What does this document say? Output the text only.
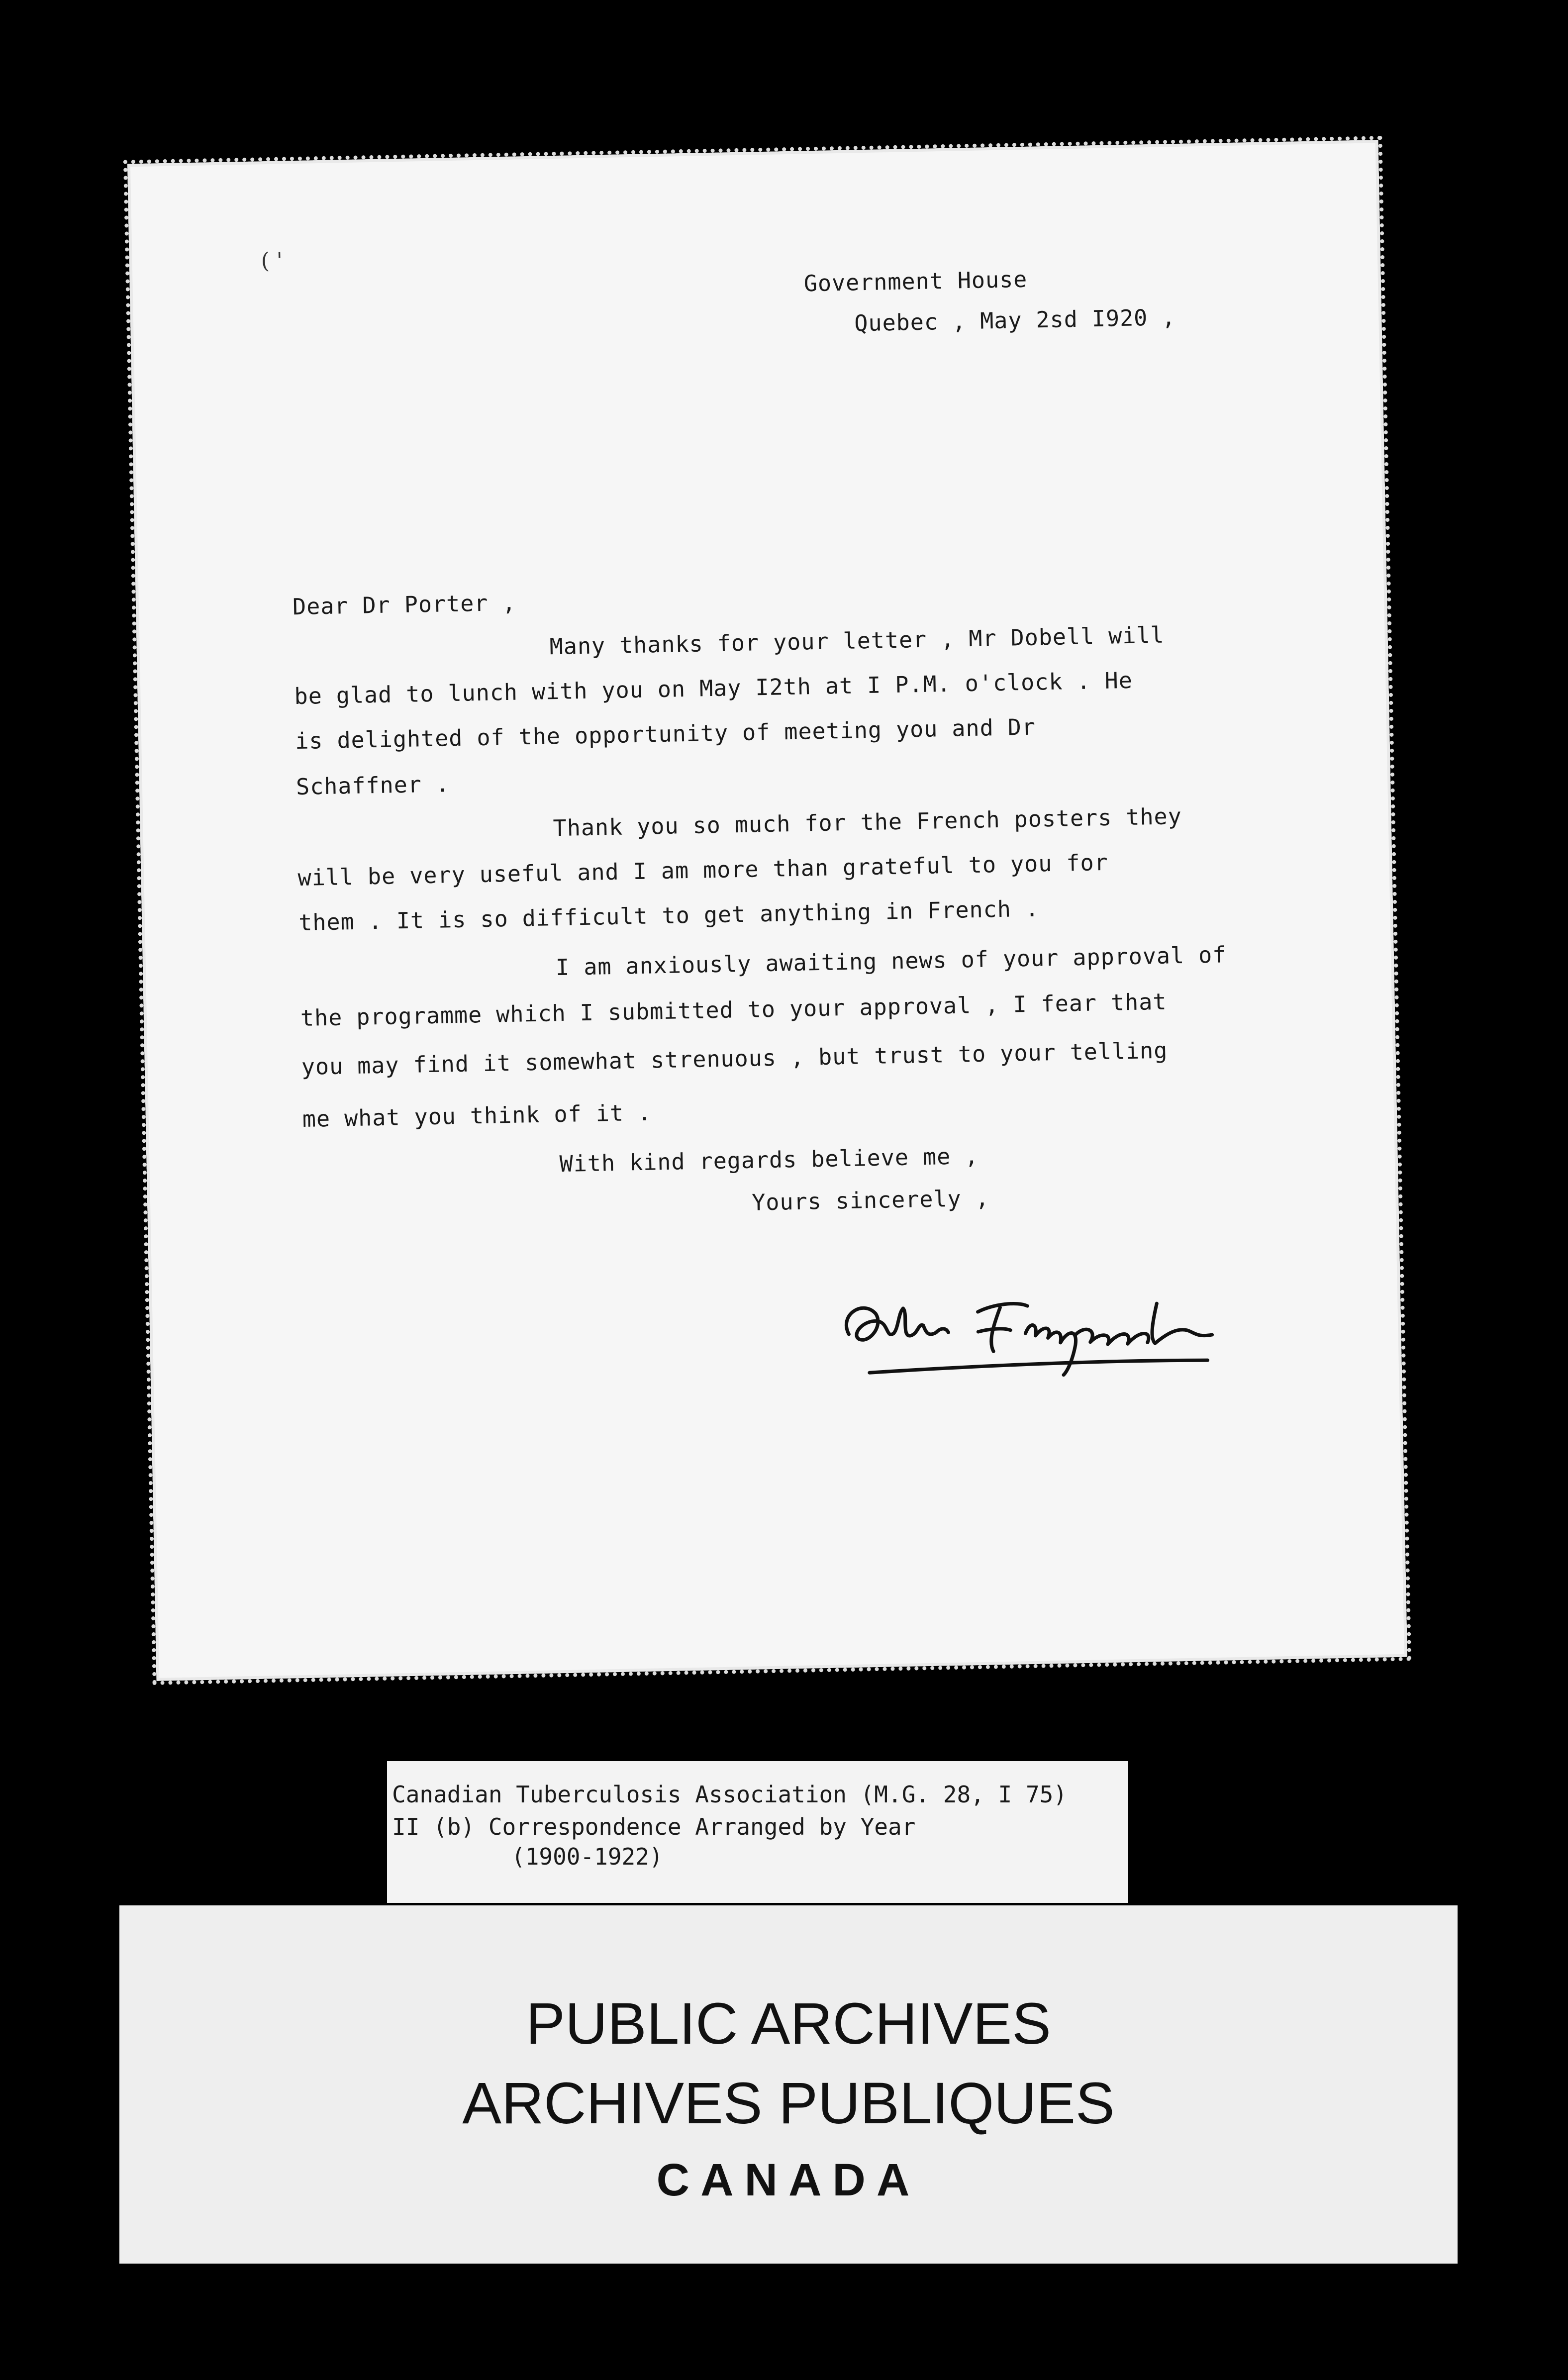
( '
Government House
Quebec , May 2sd I920 ,
Dear Dr Porter ,
Many thanks for your letter , Mr Dobell will
be glad to lunch with you on May I2th at I P.M. o'clock . He
is delighted of the opportunity of meeting you and Dr
Schaffner .
Thank you so much for the French posters they
will be very useful and I am more than grateful to you for
them . It is so difficult to get anything in French .
I am anxiously awaiting news of your approval of
the programme which I submitted to your approval , I fear that
you may find it somewhat strenuous , but trust to your telling
me what you think of it .
With kind regards believe me ,
Yours sincerely ,
Canadian Tuberculosis Association (M.G. 28, I 75)
II (b) Correspondence Arranged by Year
(1900-1922)
PUBLIC ARCHIVES
ARCHIVES PUBLIQUES
CANADA
